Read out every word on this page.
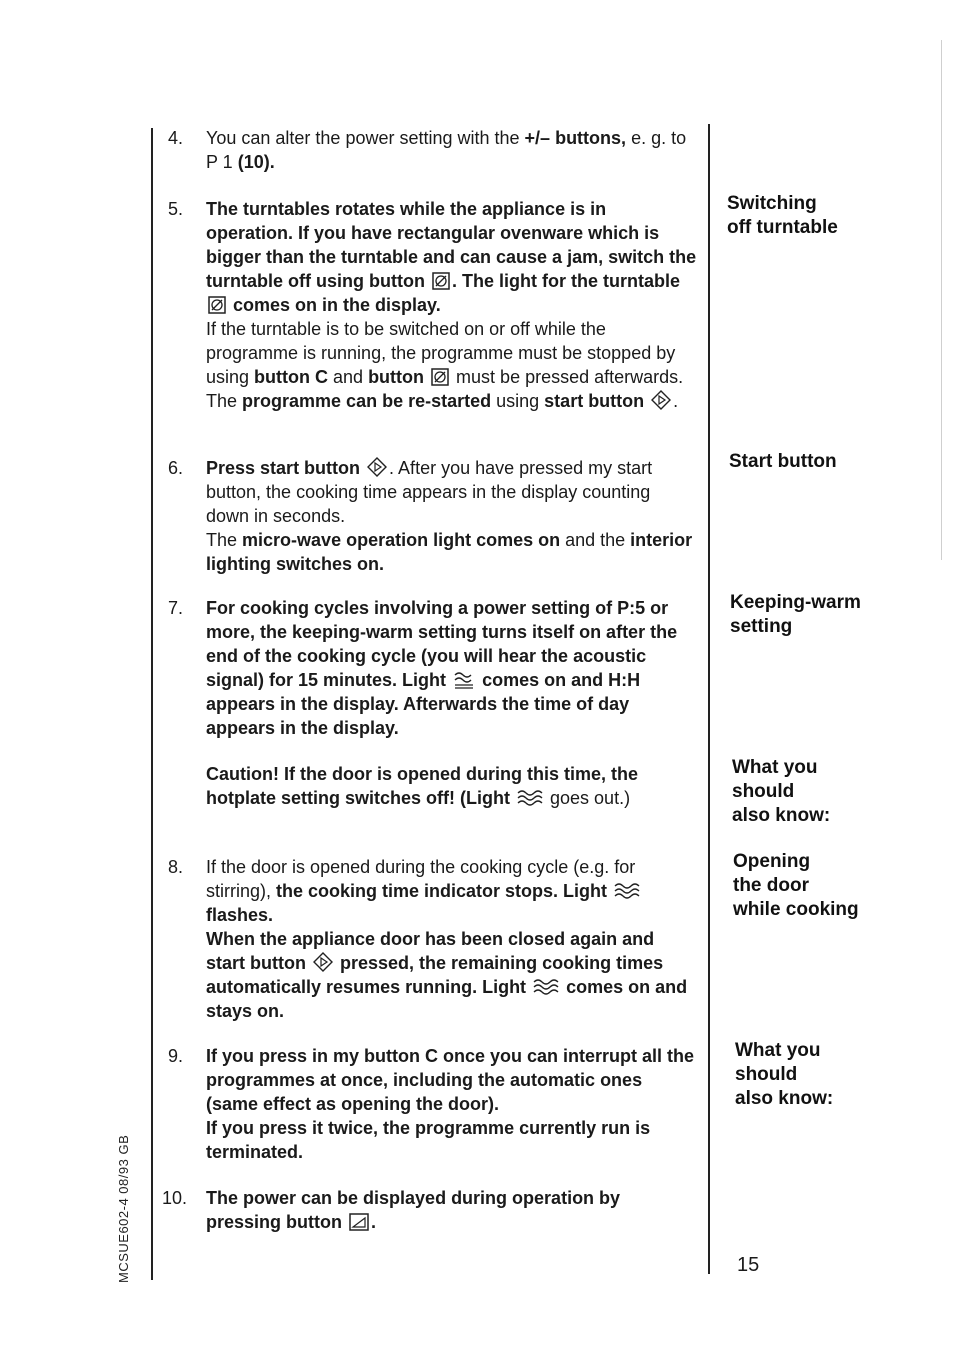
MCSUE602-4 08/93 GB
4.	You can alter the power setting with the +/– buttons, e. g. to
P 1 (10).
5.	The turntables rotates while the appliance is in operation. If you have rectangular ovenware which is bigger than the turntable and can cause a jam, switch the turntable off using button . The light for the turntable
comes on in the display.

If the turntable is to be switched on or off while the programme is running, the programme must be stopped by using button C and button
must be pressed afterwards. The programme can be re-started using start button .

6.	Press start button . After you have pressed my start button, the cooking time appears in the display counting down in seconds.

The micro-wave operation light comes on and the interior lighting switches on.

7.	For cooking cycles involving a power setting of P:5 or more, the keeping-warm setting turns itself on after the end of the cooking cycle (you will hear the acoustic signal) for 15 minutes. Light comes on and H:H appears in the display. Afterwards the time of day appears in the display.

Caution! If the door is opened during this time, the hotplate setting switches off! (Light
goes out.)

8.	If the door is opened during the cooking cycle (e.g. for stirring), the cooking time indicator stops. Light
flashes.

When the appliance door has been closed again and start button pressed, the remaining cooking times automatically resumes running. Light comes on and stays on.

9.	If you press in my button C once you can interrupt all the programmes at once, including the automatic ones (same effect as opening the door).

If you press it twice, the programme currently run is terminated.

10.	The power can be displayed during operation by pressing button .

Switching
off turntable
Start button
Keeping-warm
setting
What you
should
also know:
Opening
the door
while cooking
What you
should
also know:
15
